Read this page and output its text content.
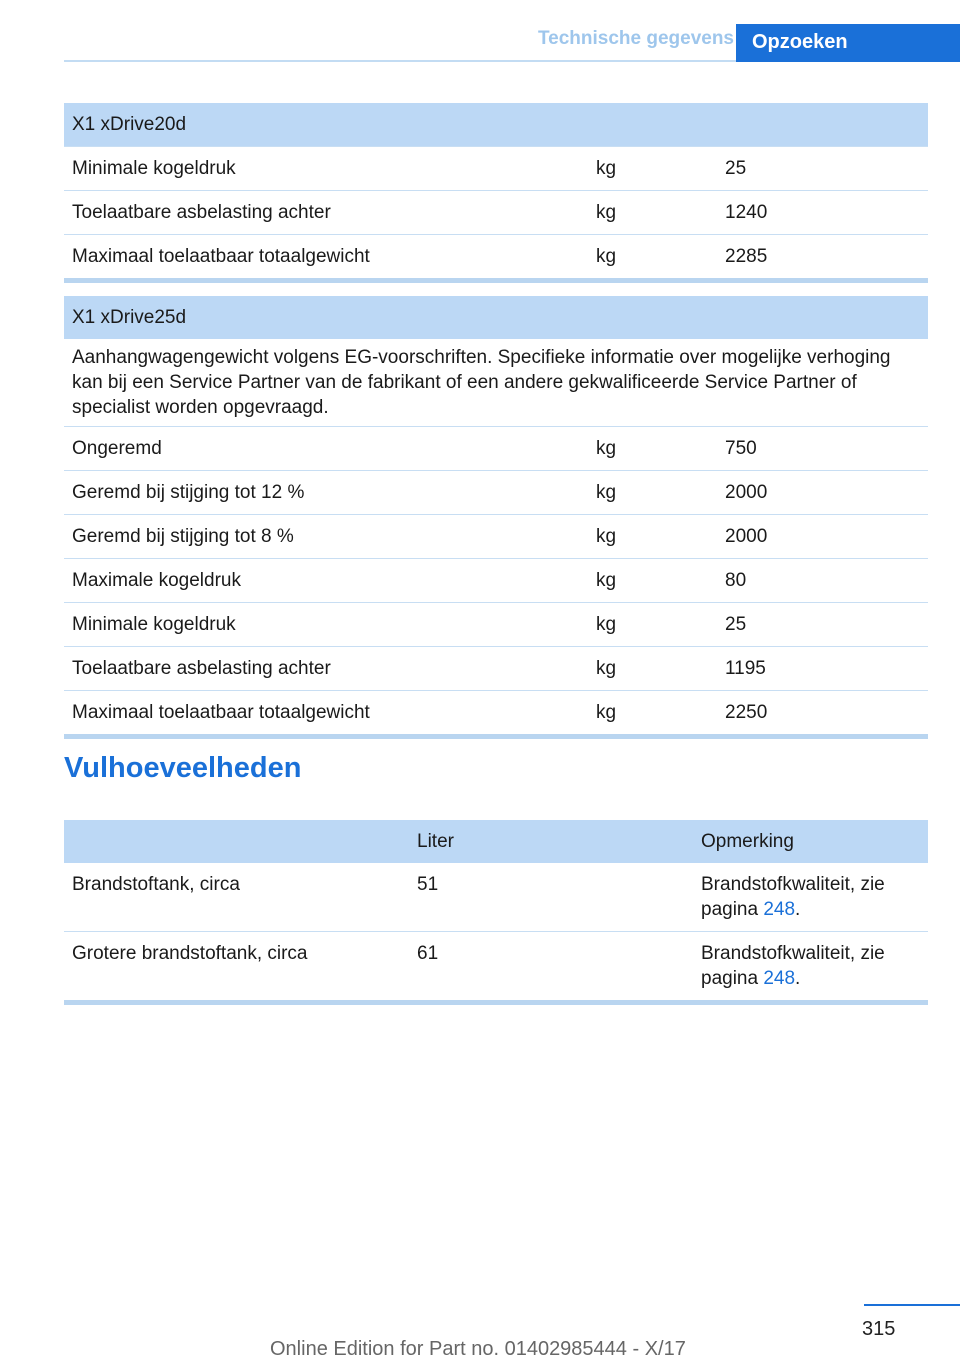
Technische gegevens Opzoeken
X1 xDrive20d		
Minimale kogeldruk	kg	25
Toelaatbare asbelasting achter	kg	1240
Maximaal toelaatbaar totaalgewicht	kg	2285

X1 xDrive25d		
Aanhangwagengewicht volgens EG-voorschriften. Specifieke informatie over mogelijke verhoging kan bij een Service Partner van de fabrikant of een andere gekwalificeerde Service Partner of specialist worden opgevraagd.		
Ongeremd	kg	750
Geremd bij stijging tot 12 %	kg	2000
Geremd bij stijging tot 8 %	kg	2000
Maximale kogeldruk	kg	80
Minimale kogeldruk	kg	25
Toelaatbare asbelasting achter	kg	1195
Maximaal toelaatbaar totaalgewicht	kg	2250

Vulhoeveelheden
	Liter	Opmerking
Brandstoftank, circa	51	Brandstofkwaliteit, zie pagina 248.
Grotere brandstoftank, circa	61	Brandstofkwaliteit, zie pagina 248.

315
Online Edition for Part no. 01402985444 - X/17
